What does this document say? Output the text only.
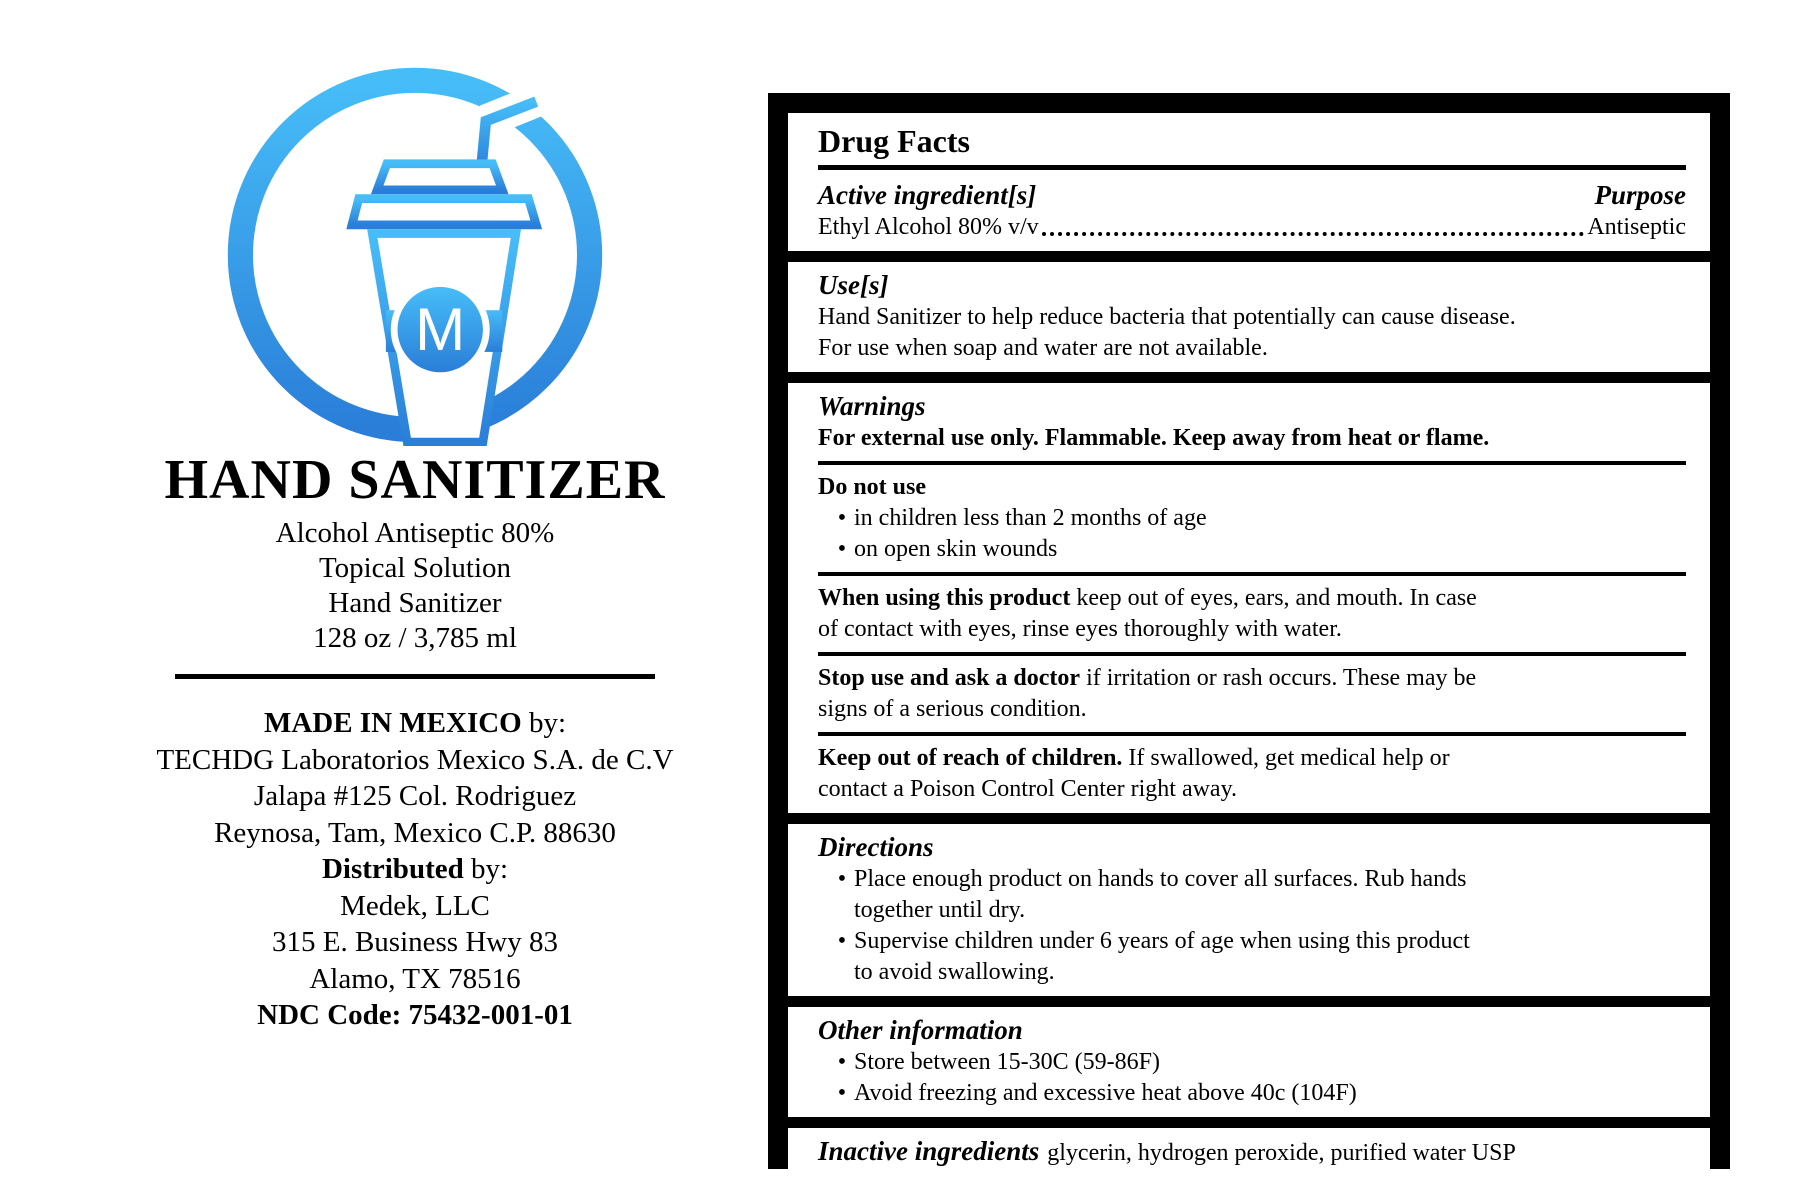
M
HAND SANITIZER
Alcohol Antiseptic 80%
Topical Solution
Hand Sanitizer
128 oz / 3,785 ml
MADE IN MEXICO by:
TECHDG Laboratorios Mexico S.A. de C.V
Jalapa #125 Col. Rodriguez
Reynosa, Tam, Mexico C.P. 88630
Distributed by:
Medek, LLC
315 E. Business Hwy 83
Alamo, TX 78516
NDC Code: 75432-001-01
Drug Facts
Active ingredient[s]	Purpose
Ethyl Alcohol 80% v/v	Antiseptic
Use[s]
Hand Sanitizer to help reduce bacteria that potentially can cause disease.
For use when soap and water are not available.
Warnings
For external use only. Flammable. Keep away from heat or flame.
Do not use
• in children less than 2 months of age
• on open skin wounds
When using this product keep out of eyes, ears, and mouth. In case
of contact with eyes, rinse eyes thoroughly with water.
Stop use and ask a doctor if irritation or rash occurs. These may be
signs of a serious condition.
Keep out of reach of children. If swallowed, get medical help or
contact a Poison Control Center right away.
Directions
• Place enough product on hands to cover all surfaces. Rub hands
together until dry.
• Supervise children under 6 years of age when using this product
to avoid swallowing.
Other information
• Store between 15-30C (59-86F)
• Avoid freezing and excessive heat above 40c (104F)
Inactive ingredients glycerin, hydrogen peroxide, purified water USP
